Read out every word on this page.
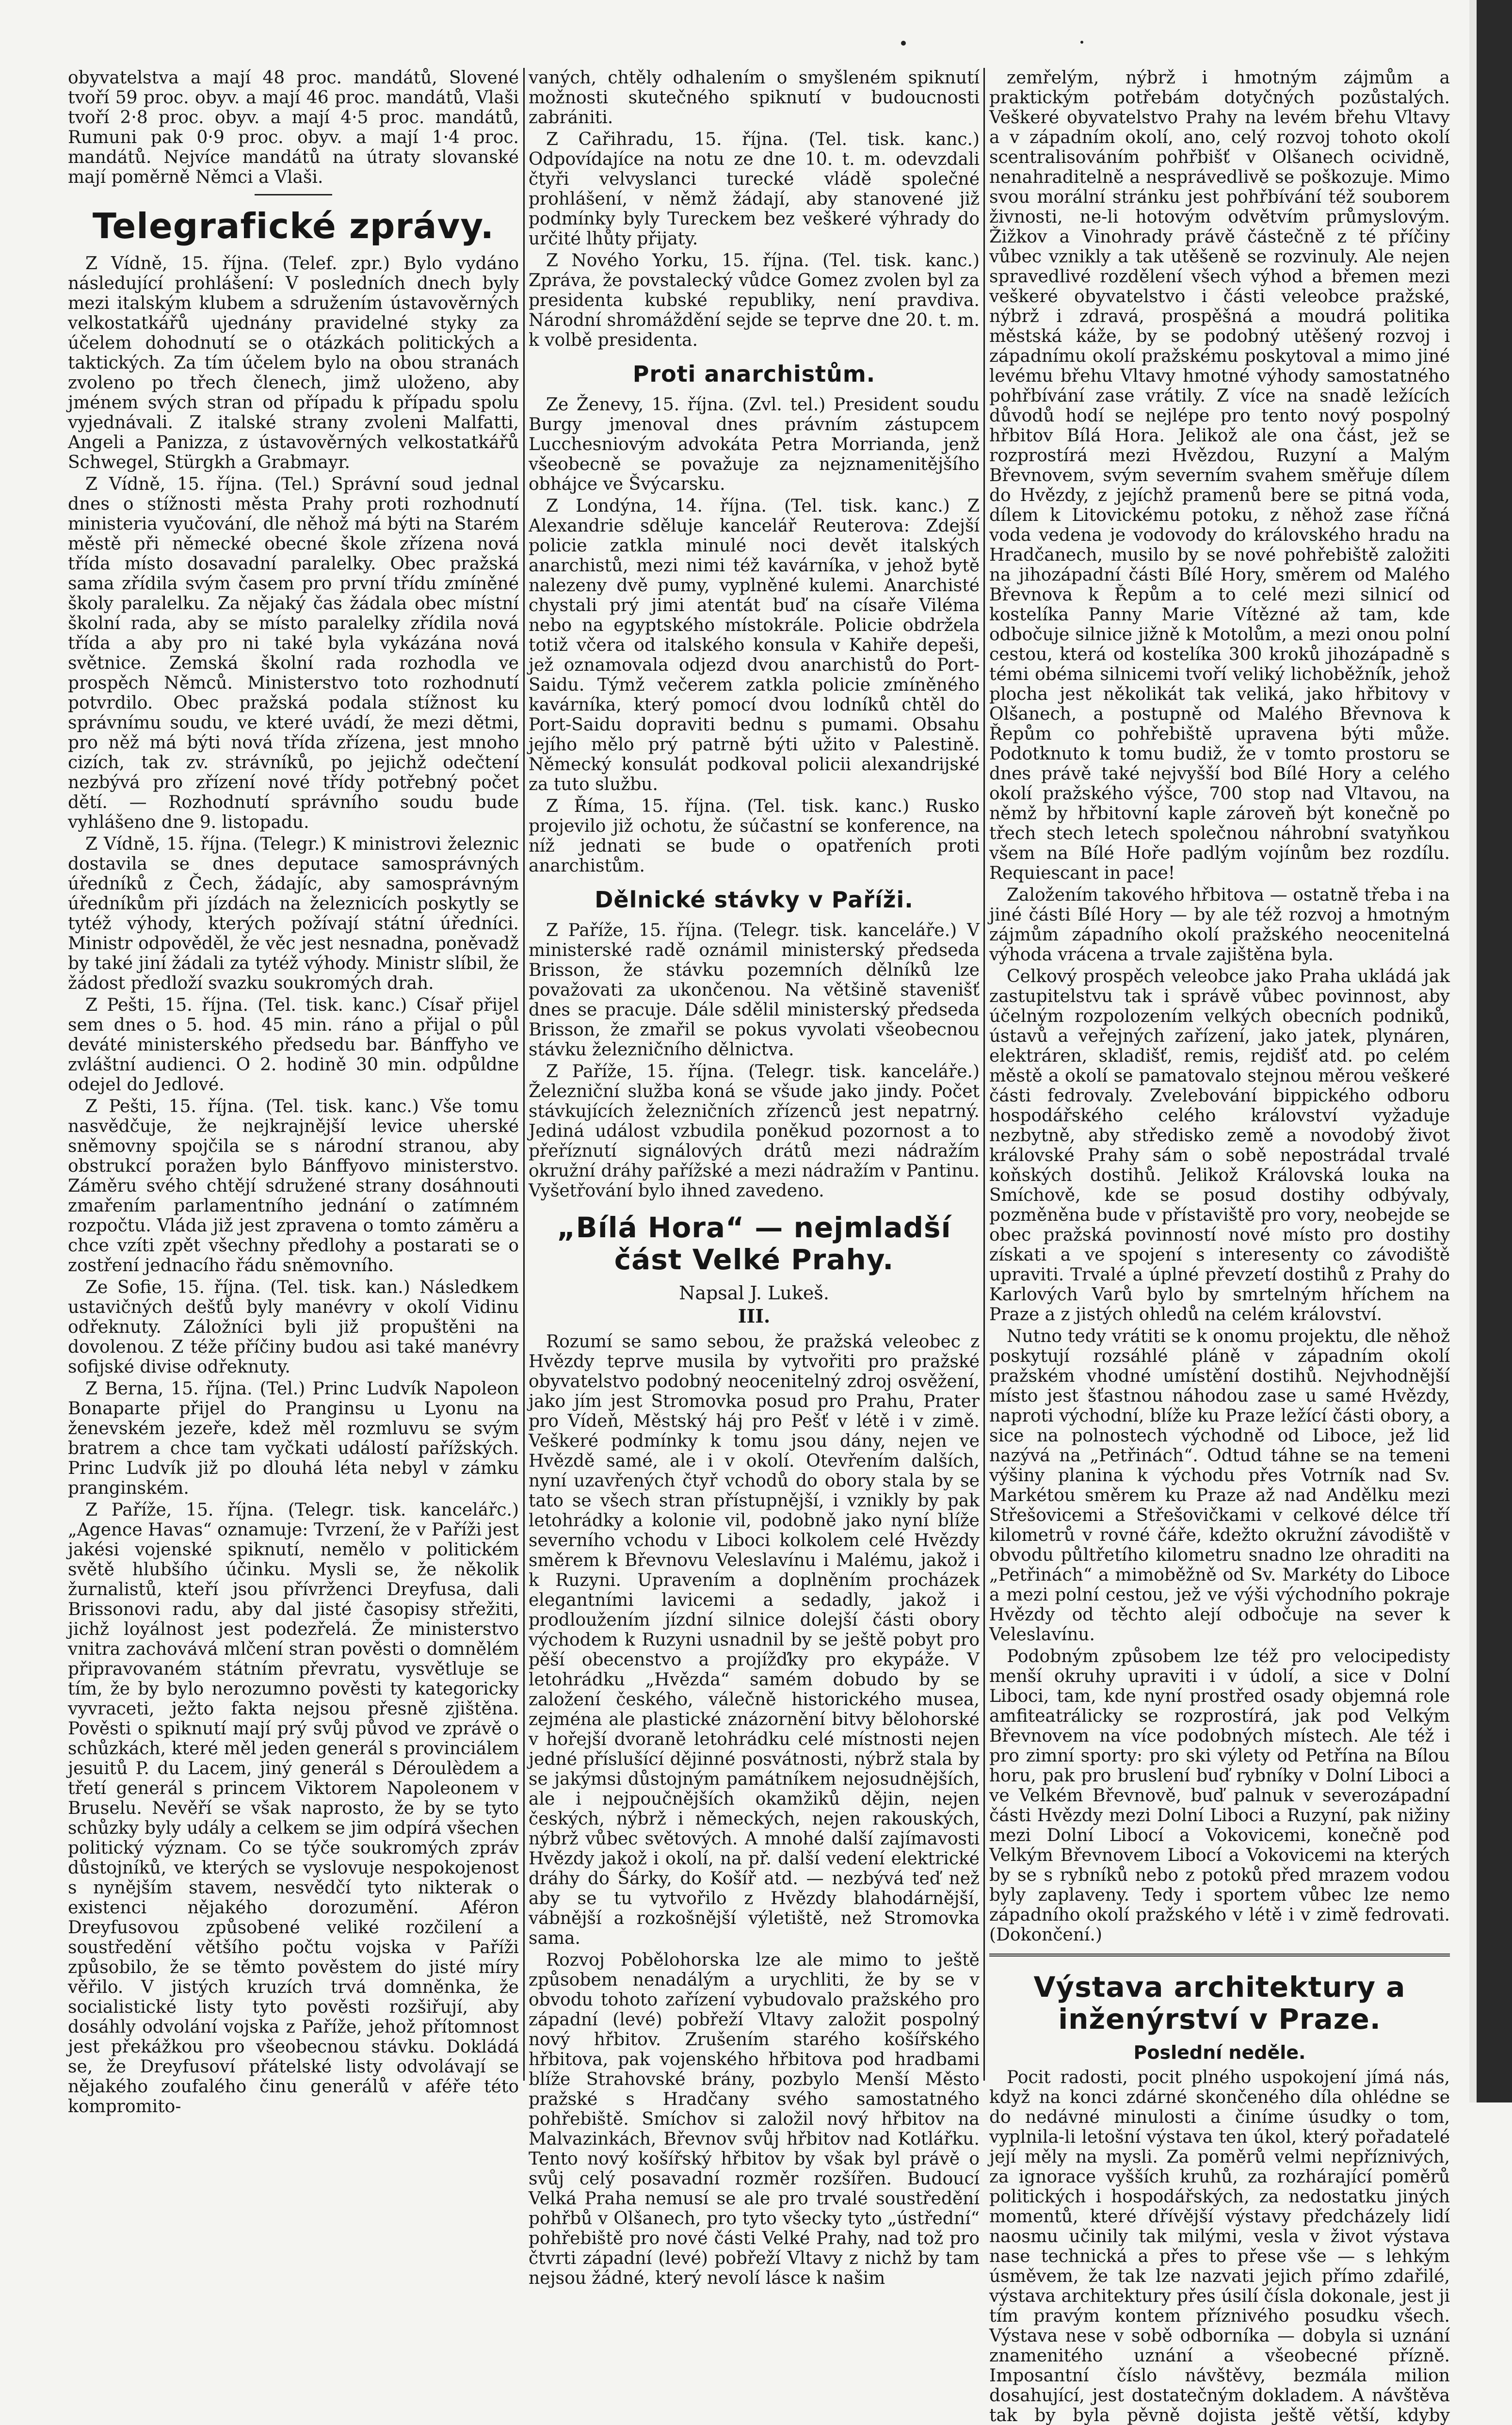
obyvatelstva a mají 48 proc. mandátů, Slovené tvoří 59 proc. obyv. a mají 46 proc. mandátů, Vlaši tvoří 2·8 proc. obyv. a mají 4·5 proc. mandátů, Rumuni pak 0·9 proc. obyv. a mají 1·4 proc. mandátů. Nejvíce mandátů na útraty slovanské mají poměrně Němci a Vlaši.

Telegrafické zprávy.

Z Vídně, 15. října. (Telef. zpr.) Bylo vydáno následující prohlášení: V posledních dnech byly mezi italským klubem a sdružením ústavověrných velkostatkářů ujednány pravidelné styky za účelem dohodnutí se o otázkách politických a taktických. Za tím účelem bylo na obou stranách zvoleno po třech členech, jimž uloženo, aby jménem svých stran od případu k případu spolu vyjednávali. Z italské strany zvoleni Malfatti, Angeli a Panizza, z ústavověrných velkostatkářů Schwegel, Stürgkh a Grabmayr.

Z Vídně, 15. října. (Tel.) Správní soud jednal dnes o stížnosti města Prahy proti rozhodnutí ministeria vyučování, dle něhož má býti na Starém městě při německé obecné škole zřízena nová třída místo dosavadní paralelky. Obec pražská sama zřídila svým časem pro první třídu zmíněné školy paralelku. Za nějaký čas žádala obec místní školní rada, aby se místo paralelky zřídila nová třída a aby pro ni také byla vykázána nová světnice. Zemská školní rada rozhodla ve prospěch Němců. Ministerstvo toto rozhodnutí potvrdilo. Obec pražská podala stížnost ku správnímu soudu, ve které uvádí, že mezi dětmi, pro něž má býti nová třída zřízena, jest mnoho cizích, tak zv. strávníků, po jejichž odečtení nezbývá pro zřízení nové třídy potřebný počet dětí. — Rozhodnutí správního soudu bude vyhlášeno dne 9. listopadu.

Z Vídně, 15. října. (Telegr.) K ministrovi železnic dostavila se dnes deputace samosprávných úředníků z Čech, žádajíc, aby samosprávným úředníkům při jízdách na železnicích poskytly se tytéž výhody, kterých požívají státní úředníci. Ministr odpověděl, že věc jest nesnadna, poněvadž by také jiní žádali za tytéž výhody. Ministr slíbil, že žádost předloží svazku soukromých drah.

Z Pešti, 15. října. (Tel. tisk. kanc.) Císař přijel sem dnes o 5. hod. 45 min. ráno a přijal o půl deváté ministerského předsedu bar. Bánffyho ve zvláštní audienci. O 2. hodině 30 min. odpůldne odejel do Jedlové.

Z Pešti, 15. října. (Tel. tisk. kanc.) Vše tomu nasvědčuje, že nejkrajnější levice uherské sněmovny spojčila se s národní stranou, aby obstrukcí poražen bylo Bánffyovo ministerstvo. Záměru svého chtějí sdružené strany dosáhnouti zmařením parlamentního jednání o zatímném rozpočtu. Vláda již jest zpravena o tomto záměru a chce vzíti zpět všechny předlohy a postarati se o zostření jednacího řádu sněmovního.

Ze Sofie, 15. října. (Tel. tisk. kan.) Následkem ustavičných dešťů byly manévry v okolí Vidinu odřeknuty. Záložníci byli již propuštěni na dovolenou. Z téže příčiny budou asi také manévry sofijské divise odřeknuty.

Z Berna, 15. října. (Tel.) Princ Ludvík Napoleon Bonaparte přijel do Pranginsu u Lyonu na ženevském jezeře, kdež měl rozmluvu se svým bratrem a chce tam vyčkati událostí pařížských. Princ Ludvík již po dlouhá léta nebyl v zámku pranginském.

Z Paříže, 15. října. (Telegr. tisk. kancelářc.) „Agence Havas“ oznamuje: Tvrzení, že v Paříži jest jakési vojenské spiknutí, nemělo v politickém světě hlubšího účinku. Mysli se, že několik žurnalistů, kteří jsou přívrženci Dreyfusa, dali Brissonovi radu, aby dal jisté časopisy střežiti, jichž loyálnost jest podezřelá. Že ministerstvo vnitra zachovává mlčení stran pověsti o domnělém připravovaném státním převratu, vysvětluje se tím, že by bylo nerozumno pověsti ty kategoricky vyvraceti, ježto fakta nejsou přesně zjištěna. Pověsti o spiknutí mají prý svůj původ ve zprávě o schůzkách, které měl jeden generál s provinciálem jesuitů P. du Lacem, jiný generál s Déroulèdem a třetí generál s princem Viktorem Napoleonem v Bruselu. Nevěří se však naprosto, že by se tyto schůzky byly udály a celkem se jim odpírá všechen politický význam. Co se týče soukromých zpráv důstojníků, ve kterých se vyslovuje nespokojenost s nynějším stavem, nesvědčí tyto nikterak o existenci nějakého dorozumění. Aféron Dreyfusovou způsobené veliké rozčilení a soustředění většího počtu vojska v Paříži způsobilo, že se těmto pověstem do jisté míry věřilo. V jistých kruzích trvá domněnka, že socialistické listy tyto pověsti rozšiřují, aby dosáhly odvolání vojska z Paříže, jehož přítomnost jest překážkou pro všeobecnou stávku. Dokládá se, že Dreyfusoví přátelské listy odvolávají se nějakého zoufalého činu generálů v aféře této kompromito-

vaných, chtěly odhalením o smyšleném spiknutí možnosti skutečného spiknutí v budoucnosti zabrániti.

Z Cařihradu, 15. října. (Tel. tisk. kanc.) Odpovídajíce na notu ze dne 10. t. m. odevzdali čtyři velvyslanci turecké vládě společné prohlášení, v němž žádají, aby stanovené již podmínky byly Tureckem bez veškeré výhrady do určité lhůty přijaty.

Z Nového Yorku, 15. října. (Tel. tisk. kanc.) Zpráva, že povstalecký vůdce Gomez zvolen byl za presidenta kubské republiky, není pravdiva. Národní shromáždění sejde se teprve dne 20. t. m. k volbě presidenta.

Proti anarchistům.

Ze Ženevy, 15. října. (Zvl. tel.) President soudu Burgy jmenoval dnes právním zástupcem Lucchesniovým advokáta Petra Morrianda, jenž všeobecně se považuje za nejznamenitějšího obhájce ve Švýcarsku.

Z Londýna, 14. října. (Tel. tisk. kanc.) Z Alexandrie sděluje kancelář Reuterova: Zdejší policie zatkla minulé noci devět italských anarchistů, mezi nimi též kavárníka, v jehož bytě nalezeny dvě pumy, vyplněné kulemi. Anarchisté chystali prý jimi atentát buď na císaře Viléma nebo na egyptského místokrále. Policie obdržela totiž včera od italského konsula v Kahiře depeši, jež oznamovala odjezd dvou anarchistů do Port-Saidu. Týmž večerem zatkla policie zmíněného kavárníka, který pomocí dvou lodníků chtěl do Port-Saidu dopraviti bednu s pumami. Obsahu jejího mělo prý patrně býti užito v Palestině. Německý konsulát podkoval policii alexandrijské za tuto službu.

Z Říma, 15. října. (Tel. tisk. kanc.) Rusko projevilo již ochotu, že súčastní se konference, na níž jednati se bude o opatřeních proti anarchistům.

Dělnické stávky v Paříži.

Z Paříže, 15. října. (Telegr. tisk. kanceláře.) V ministerské radě oznámil ministerský předseda Brisson, že stávku pozemních dělníků lze považovati za ukončenou. Na většině stavenišť dnes se pracuje. Dále sdělil ministerský předseda Brisson, že zmařil se pokus vyvolati všeobecnou stávku železničního dělnictva.

Z Paříže, 15. října. (Telegr. tisk. kanceláře.) Železniční služba koná se všude jako jindy. Počet stávkujících železničních zřízenců jest nepatrný. Jediná událost vzbudila poněkud pozornost a to přeříznutí signálových drátů mezi nádražím okružní dráhy pařížské a mezi nádražím v Pantinu. Vyšetřování bylo ihned zavedeno.

„Bílá Hora“ — nejmladší část Velké Prahy.
Napsal J. Lukeš.
III.

Rozumí se samo sebou, že pražská veleobec z Hvězdy teprve musila by vytvořiti pro pražské obyvatelstvo podobný neocenitelný zdroj osvěžení, jako jím jest Stromovka posud pro Prahu, Prater pro Vídeň, Městský háj pro Pešť v létě i v zimě. Veškeré podmínky k tomu jsou dány, nejen ve Hvězdě samé, ale i v okolí. Otevřením dalších, nyní uzavřených čtyř vchodů do obory stala by se tato se všech stran přístupnější, i vznikly by pak letohrádky a kolonie vil, podobně jako nyní blíže severního vchodu v Liboci kolkolem celé Hvězdy směrem k Břevnovu Veleslavínu i Malému, jakož i k Ruzyni. Upravením a doplněním procházek elegantními lavicemi a sedadly, jakož i prodloužením jízdní silnice dolejší části obory východem k Ruzyni usnadnil by se ještě pobyt pro pěší obecenstvo a projížďky pro ekypáže. V letohrádku „Hvězda“ samém dobudo by se založení českého, válečně historického musea, zejména ale plastické znázornění bitvy bělohorské v hořejší dvoraně letohrádku celé místnosti nejen jedné příslušící dějinné posvátnosti, nýbrž stala by se jakýmsi důstojným památníkem nejosudnějších, ale i nejpoučnějších okamžiků dějin, nejen českých, nýbrž i německých, nejen rakouských, nýbrž vůbec světových. A mnohé další zajímavosti Hvězdy jakož i okolí, na př. další vedení elektrické dráhy do Šárky, do Košíř atd. — nezbývá teď než aby se tu vytvořilo z Hvězdy blahodárnější, vábnější a rozkošnější výletiště, než Stromovka sama.

Rozvoj Pobělohorska lze ale mimo to ještě způsobem nenadálým a urychliti, že by se v obvodu tohoto zařízení vybudovalo pražského pro západní (levé) pobřeží Vltavy založit pospolný nový hřbitov. Zrušením starého košířského hřbitova, pak vojenského hřbitova pod hradbami blíže Strahovské brány, pozbylo Menší Město pražské s Hradčany svého samostatného pohřebiště. Smíchov si založil nový hřbitov na Malvazinkách, Břevnov svůj hřbitov nad Kotlářku. Tento nový košířský hřbitov by však byl právě o svůj celý posavadní rozměr rozšířen. Budoucí Velká Praha nemusí se ale pro trvalé soustředění pohřbů v Olšanech, pro tyto všecky tyto „ústřední“ pohřebiště pro nové části Velké Prahy, nad tož pro čtvrti západní (levé) pobřeží Vltavy z nichž by tam nejsou žádné, který nevolí lásce k našim

zemřelým, nýbrž i hmotným zájmům a praktickým potřebám dotyčných pozůstalých. Veškeré obyvatelstvo Prahy na levém břehu Vltavy a v západním okolí, ano, celý rozvoj tohoto okolí scentralisováním pohřbišť v Olšanech ocividně, nenahraditelně a nesprávedlivě se poškozuje. Mimo svou morální stránku jest pohřbívání též souborem živnosti, ne-li hotovým odvětvím průmyslovým. Žižkov a Vinohrady právě částečně z té příčiny vůbec vznikly a tak utěšeně se rozvinuly. Ale nejen spravedlivé rozdělení všech výhod a břemen mezi veškeré obyvatelstvo i části veleobce pražské, nýbrž i zdravá, prospěšná a moudrá politika městská káže, by se podobný utěšený rozvoj i západnímu okolí pražskému poskytoval a mimo jiné levému břehu Vltavy hmotné výhody samostatného pohřbívání zase vrátily. Z více na snadě ležících důvodů hodí se nejlépe pro tento nový pospolný hřbitov Bílá Hora. Jelikož ale ona část, jež se rozprostírá mezi Hvězdou, Ruzyní a Malým Břevnovem, svým severním svahem směřuje dílem do Hvězdy, z jejíchž pramenů bere se pitná voda, dílem k Litovickému potoku, z něhož zase říčná voda vedena je vodovody do královského hradu na Hradčanech, musilo by se nové pohřebiště založiti na jihozápadní části Bílé Hory, směrem od Malého Břevnova k Řepům a to celé mezi silnicí od kostelíka Panny Marie Vítězné až tam, kde odbočuje silnice jižně k Motolům, a mezi onou polní cestou, která od kostelíka 300 kroků jihozápadně s témi obéma silnicemi tvoří veliký lichoběžník, jehož plocha jest několikát tak veliká, jako hřbitovy v Olšanech, a postupně od Malého Břevnova k Řepům co pohřebiště upravena býti může. Podotknuto k tomu budiž, že v tomto prostoru se dnes právě také nejvyšší bod Bílé Hory a celého okolí pražského výšce, 700 stop nad Vltavou, na němž by hřbitovní kaple zároveň být konečně po třech stech letech společnou náhrobní svatyňkou všem na Bílé Hoře padlým vojínům bez rozdílu. Requiescant in pace!

Založením takového hřbitova — ostatně třeba i na jiné části Bílé Hory — by ale též rozvoj a hmotným zájmům západního okolí pražského neocenitelná výhoda vrácena a trvale zajištěna byla.

Celkový prospěch veleobce jako Praha ukládá jak zastupitelstvu tak i správě vůbec povinnost, aby účelným rozpolozením velkých obecních podniků, ústavů a veřejných zařízení, jako jatek, plynáren, elektráren, skladišť, remis, rejdišť atd. po celém městě a okolí se pamatovalo stejnou měrou veškeré části fedrovaly. Zvelebování bippického odboru hospodářského celého království vyžaduje nezbytně, aby středisko země a novodobý život královské Prahy sám o sobě nepostrádal trvalé koňských dostihů. Jelikož Královská louka na Smíchově, kde se posud dostihy odbývaly, pozměněna bude v přístaviště pro vory, neobejde se obec pražská povinností nové místo pro dostihy získati a ve spojení s interesenty co závodiště upraviti. Trvalé a úplné převzetí dostihů z Prahy do Karlových Varů bylo by smrtelným hříchem na Praze a z jistých ohledů na celém království.

Nutno tedy vrátiti se k onomu projektu, dle něhož poskytují rozsáhlé pláně v západním okolí pražském vhodné umístění dostihů. Nejvhodnější místo jest šťastnou náhodou zase u samé Hvězdy, naproti východní, blíže ku Praze ležící části obory, a sice na polnostech východně od Liboce, jež lid nazývá na „Petřinách“. Odtud táhne se na temeni výšiny planina k východu přes Votrník nad Sv. Markétou směrem ku Praze až nad Andělku mezi Střešovicemi a Střešovičkami v celkové délce tří kilometrů v rovné čáře, kdežto okružní závodiště v obvodu půltřetího kilometru snadno lze ohraditi na „Petřinách“ a mimoběžně od Sv. Markéty do Liboce a mezi polní cestou, jež ve výši východního pokraje Hvězdy od těchto alejí odbočuje na sever k Veleslavínu.

Podobným způsobem lze též pro velocipedisty menší okruhy upraviti i v údolí, a sice v Dolní Liboci, tam, kde nyní prostřed osady objemná role amfiteatrálicky se rozprostírá, jak pod Velkým Břevnovem na více podobných místech. Ale též i pro zimní sporty: pro ski výlety od Petřína na Bílou horu, pak pro bruslení buď rybníky v Dolní Liboci a ve Velkém Břevnově, buď palnuk v severozápadní části Hvězdy mezi Dolní Liboci a Ruzyní, pak nižiny mezi Dolní Libocí a Vokovicemi, konečně pod Velkým Břevnovem Libocí a Vokovicemi na kterých by se s rybníků nebo z potoků před mrazem vodou byly zaplaveny. Tedy i sportem vůbec lze nemo západního okolí pražského v létě i v zimě fedrovati. (Dokončení.)

Výstava architektury a inženýrství v Praze.
Poslední neděle.

Pocit radosti, pocit plného uspokojení jímá nás, když na konci zdárné skončeného díla ohlédne se do nedávné minulosti a činíme úsudky o tom, vyplnila-li letošní výstava ten úkol, který pořadatelé její měly na mysli. Za poměrů velmi nepříznivých, za ignorace vyšších kruhů, za rozhárající poměrů politických i hospodářských, za nedostatku jiných momentů, které dřívější výstavy předcházely lidí naosmu učinily tak milými, vesla v život výstava nase technická a přes to přese vše — s lehkým úsměvem, že tak lze nazvati jejich přímo zdařilé, výstava architektury přes úsilí čísla dokonale, jest ji tím pravým kontem příznivého posudku všech. Výstava nese v sobě odborníka — dobyla si uznání znamenitého uznání a všeobecné přízně. Imposantní číslo návštěvy, bezmála milion dosahující, jest dostatečným dokladem. A návštěva tak by byla pěvně dojista ještě větší, kdyby
